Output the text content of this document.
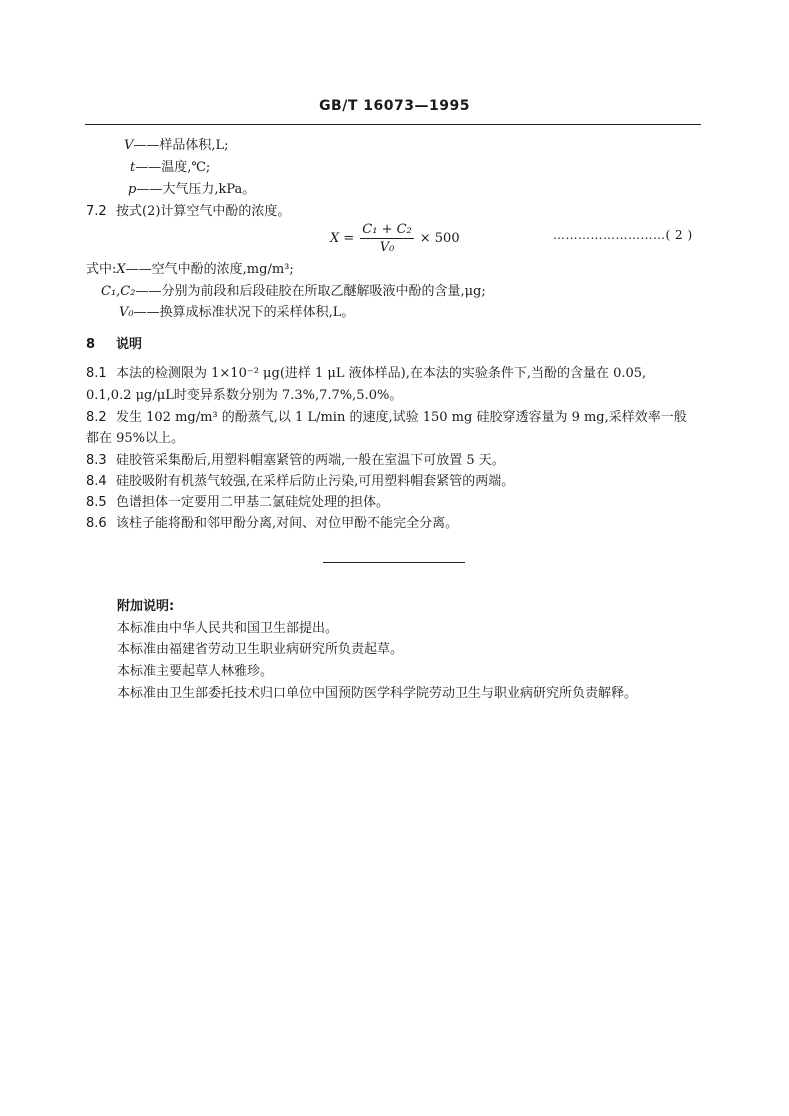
GB/T 16073—1995
V——样品体积,L;
t——温度,℃;
p——大气压力,kPa。
7.2 按式(2)计算空气中酚的浓度。
$X = \frac{\text{C₁ + C₂}}{\text{V₀}} \times 500$	………………………( 2 )
式中:X——空气中酚的浓度,mg/m³;
C₁,C₂——分别为前段和后段硅胶在所取乙醚解吸液中酚的含量,μg;
V₀——换算成标准状况下的采样体积,L。
8 说明
8.1 本法的检测限为 1×10⁻² μg(进样 1 μL 液体样品),在本法的实验条件下,当酚的含量在 0.05,
0.1,0.2 μg/μL时变异系数分别为 7.3%,7.7%,5.0%。
8.2 发生 102 mg/m³ 的酚蒸气,以 1 L/min 的速度,试验 150 mg 硅胶穿透容量为 9 mg,采样效率一般
都在 95%以上。
8.3 硅胶管采集酚后,用塑料帽塞紧管的两端,一般在室温下可放置 5 天。
8.4 硅胶吸附有机蒸气较强,在采样后防止污染,可用塑料帽套紧管的两端。
8.5 色谱担体一定要用二甲基二氯硅烷处理的担体。
8.6 该柱子能将酚和邻甲酚分离,对间、对位甲酚不能完全分离。
附加说明:
本标准由中华人民共和国卫生部提出。
本标准由福建省劳动卫生职业病研究所负责起草。
本标准主要起草人林雅珍。
本标准由卫生部委托技术归口单位中国预防医学科学院劳动卫生与职业病研究所负责解释。
